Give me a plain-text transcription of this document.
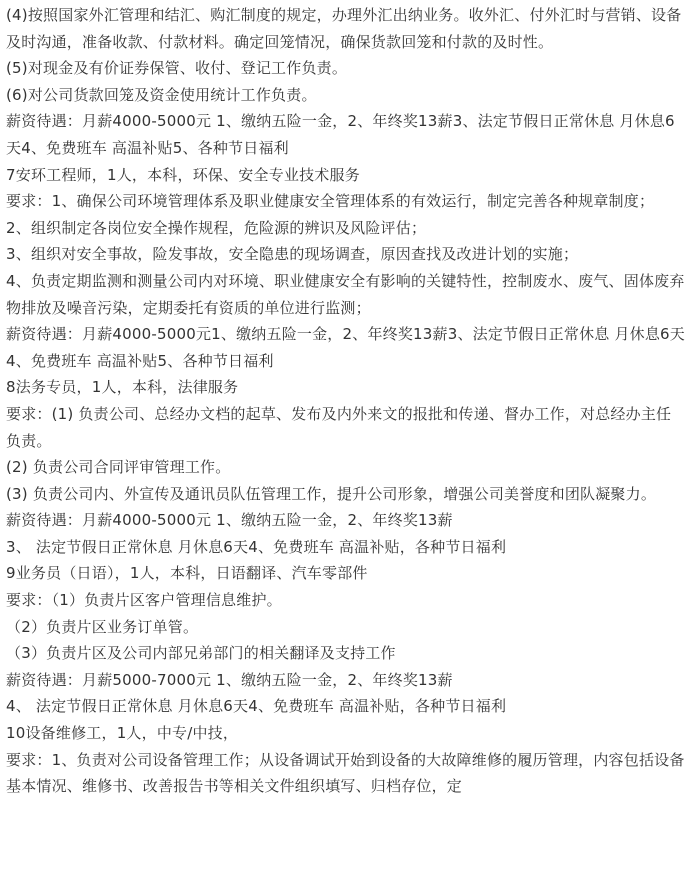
(4)按照国家外汇管理和结汇、购汇制度的规定，办理外汇出纳业务。收外汇、付外汇时与营销、设备及时沟通，准备收款、付款材料。确定回笼情况，确保货款回笼和付款的及时性。

(5)对现金及有价证券保管、收付、登记工作负责。

(6)对公司货款回笼及资金使用统计工作负责。

薪资待遇：月薪4000-5000元 1、缴纳五险一金，2、年终奖13薪3、法定节假日正常休息 月休息6天4、免费班车 高温补贴5、各种节日福利

7安环工程师，1人，本科，环保、安全专业技术服务

要求：1、确保公司环境管理体系及职业健康安全管理体系的有效运行，制定完善各种规章制度；

2、组织制定各岗位安全操作规程，危险源的辨识及风险评估；

3、组织对安全事故，险发事故，安全隐患的现场调查，原因查找及改进计划的实施；

4、负责定期监测和测量公司内对环境、职业健康安全有影响的关键特性，控制废水、废气、固体废弃物排放及噪音污染，定期委托有资质的单位进行监测；

薪资待遇：月薪4000-5000元1、缴纳五险一金，2、年终奖13薪3、法定节假日正常休息 月休息6天4、免费班车 高温补贴5、各种节日福利

8法务专员，1人，本科，法律服务

要求：(1) 负责公司、总经办文档的起草、发布及内外来文的报批和传递、督办工作，对总经办主任负责。

(2) 负责公司合同评审管理工作。

(3) 负责公司内、外宣传及通讯员队伍管理工作，提升公司形象，增强公司美誉度和团队凝聚力。

薪资待遇：月薪4000-5000元 1、缴纳五险一金，2、年终奖13薪

3、 法定节假日正常休息 月休息6天4、免费班车 高温补贴，各种节日福利

9业务员（日语），1人，本科，日语翻译、汽车零部件

要求：（1）负责片区客户管理信息维护。

（2）负责片区业务订单管。

（3）负责片区及公司内部兄弟部门的相关翻译及支持工作

薪资待遇：月薪5000-7000元 1、缴纳五险一金，2、年终奖13薪

4、 法定节假日正常休息 月休息6天4、免费班车 高温补贴，各种节日福利

10设备维修工，1人，中专/中技，

要求：1、负责对公司设备管理工作；从设备调试开始到设备的大故障维修的履历管理，内容包括设备基本情况、维修书、改善报告书等相关文件组织填写、归档存位，定
